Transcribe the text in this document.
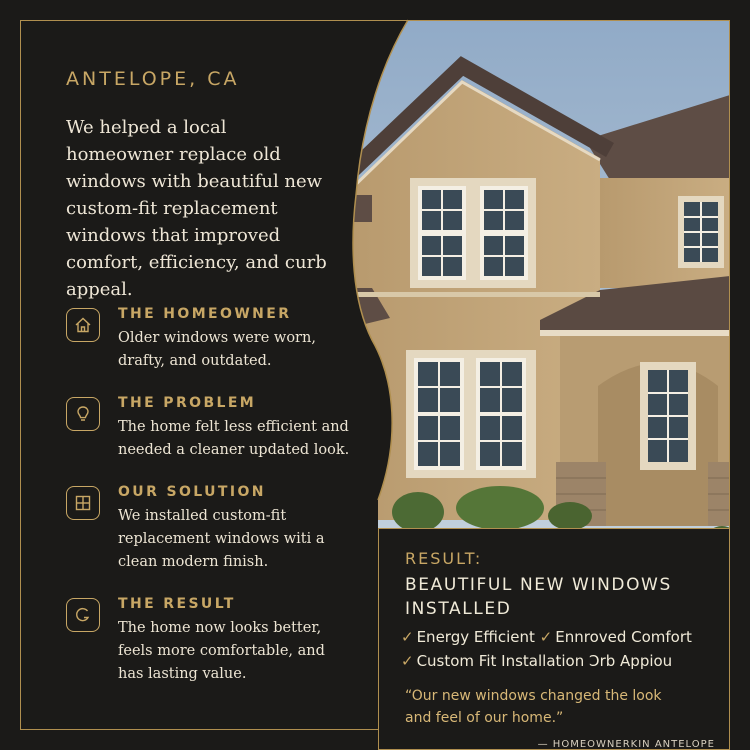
ANTELOPE, CA
We helped a local homeowner replace old windows with beautiful new custom-fit replacement windows that improved comfort, efficiency, and curb appeal.
THE HOMEOWNER
Older windows were worn, drafty, and outdated.
THE PROBLEM
The home felt less efficient and needed a cleaner updated look.
OUR SOLUTION
We installed custom-fit replacement windows witi a clean modern finish.
THE RESULT
The home now looks better, feels more comfortable, and has lasting value.
RESULT:
BEAUTIFUL NEW WINDOWS INSTALLED
✓ Energy Efficient ✓ Ennroved Comfort
✓ Custom Fit Installation Ɔrb Appiou
“Our new windows changed the look and feel of our home.”
— HOMEOWNERKIN ANTELOPE
